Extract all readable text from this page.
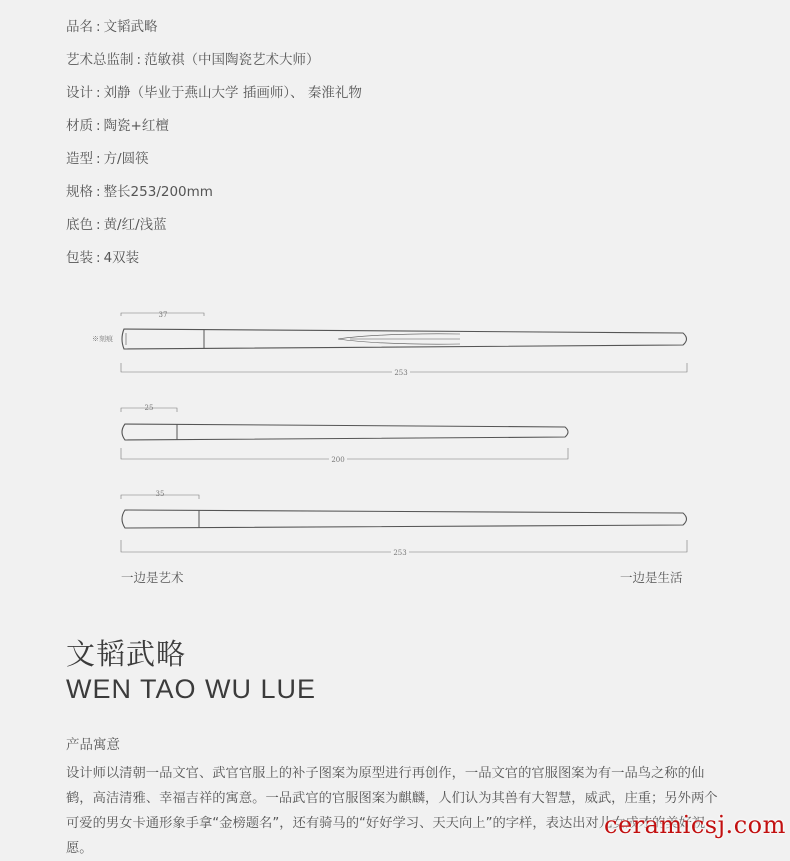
品名 : 文韬武略
艺术总监制 : 范敏祺（中国陶瓷艺术大师）
设计 : 刘静（毕业于燕山大学 插画师）、 秦淮礼物
材质 : 陶瓷+红檀
造型 : 方/圆筷
规格 : 整长253/200mm
底色 : 黄/红/浅蓝
包装 : 4双装
37
※刻痕
253
25
200
35
253
一边是艺术	一边是生活
文韬武略
WEN TAO WU LUE
产品寓意

设计师以清朝一品文官、武官官服上的补子图案为原型进行再创作，一品文官的官服图案为有一品鸟之称的仙鹤，高洁清雅、幸福吉祥的寓意。一品武官的官服图案为麒麟，人们认为其兽有大智慧，威武，庄重；另外两个可爱的男女卡通形象手拿“金榜题名”，还有骑马的“好好学习、天天向上”的字样，表达出对儿女成才的美好祝愿。

ceramicsj.com
